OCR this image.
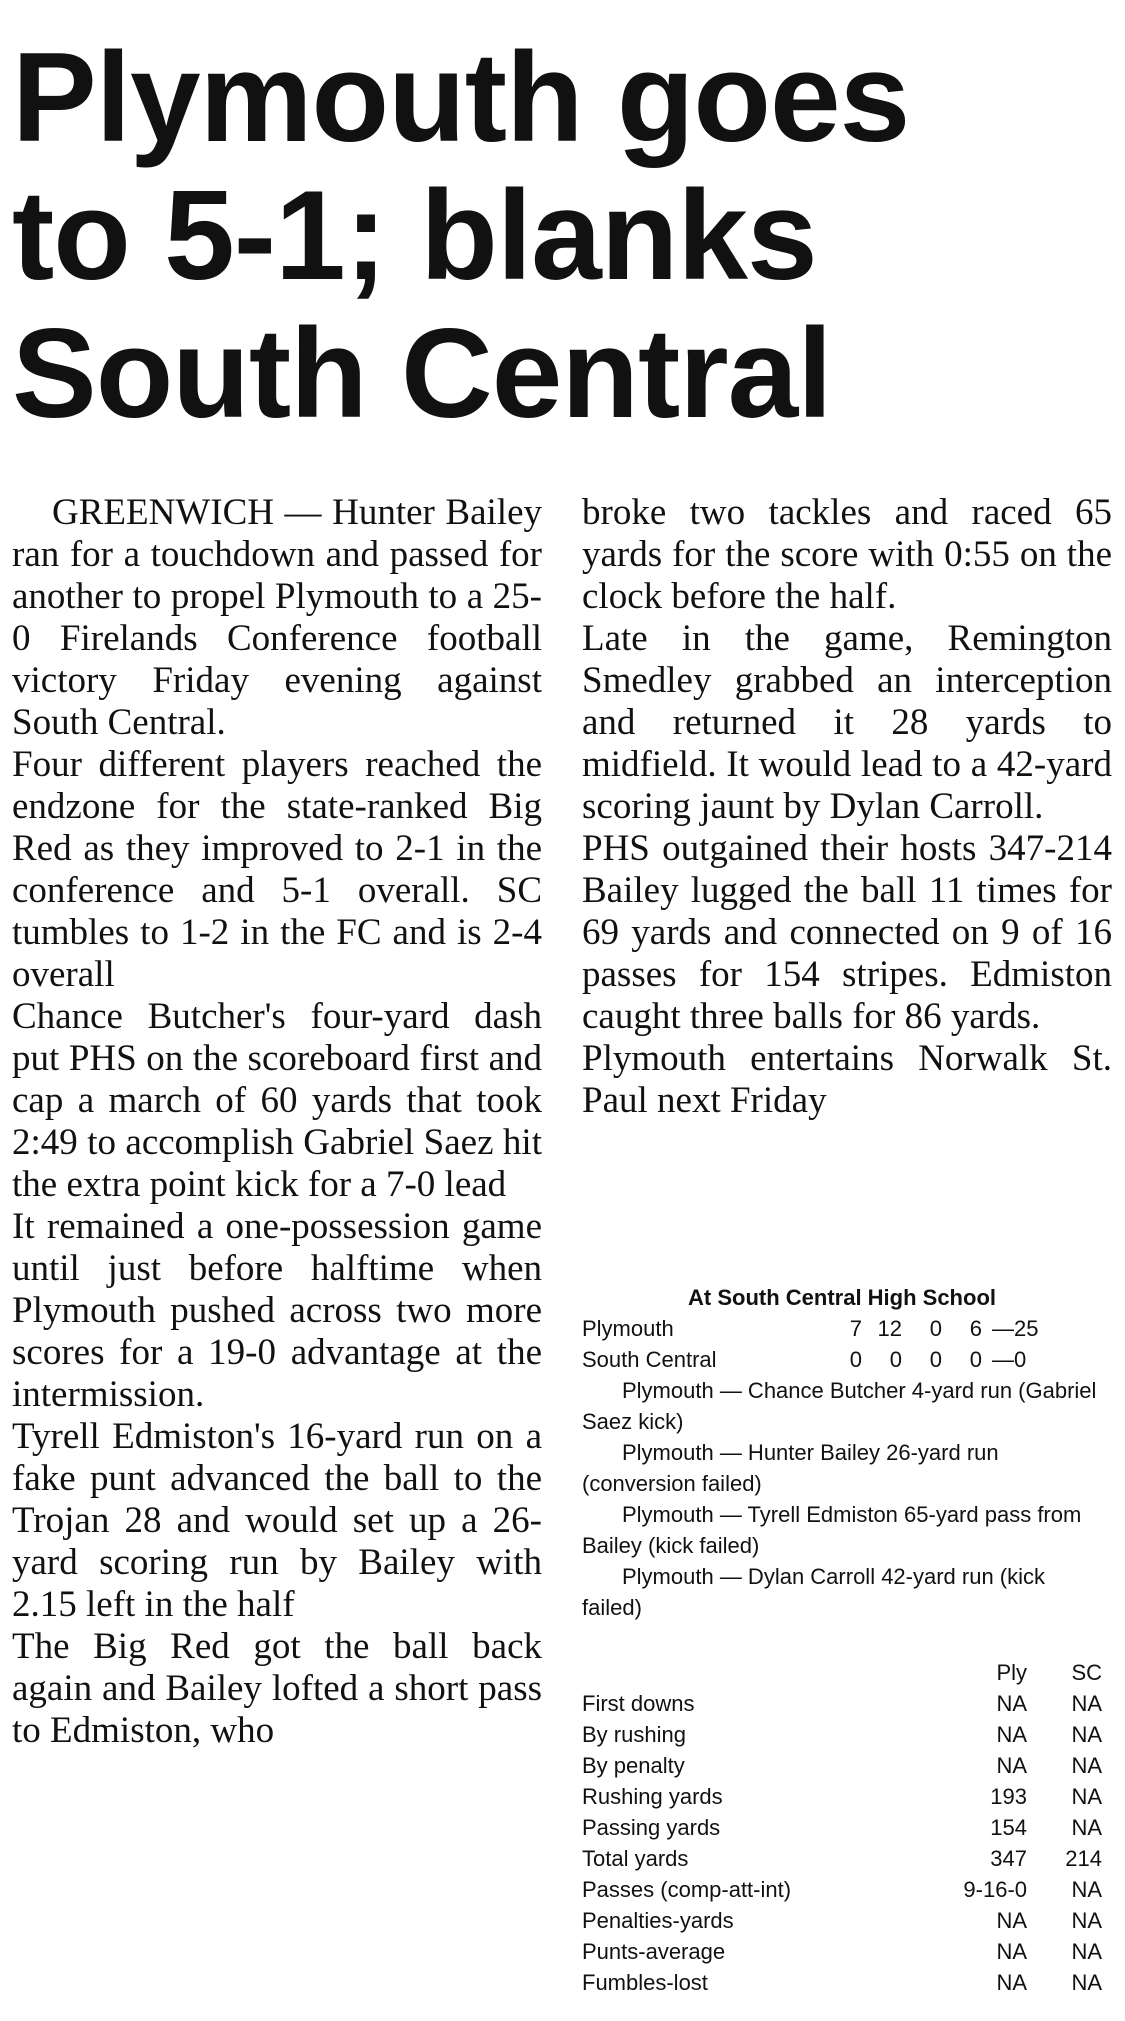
Plymouth goes
to 5-1; blanks
South Central

GREENWICH — Hunter Bailey ran for a touchdown and passed for another to propel Plymouth to a 25-0 Firelands Conference football victory Friday evening against South Central.

Four different players reached the endzone for the state-ranked Big Red as they improved to 2-1 in the conference and 5-1 overall. SC tumbles to 1-2 in the FC and is 2-4 overall

Chance Butcher's four-yard dash put PHS on the scoreboard first and cap a march of 60 yards that took 2:49 to accomplish Gabriel Saez hit the extra point kick for a 7-0 lead

It remained a one-possession game until just before halftime when Plymouth pushed across two more scores for a 19-0 advantage at the intermission.

Tyrell Edmiston's 16-yard run on a fake punt advanced the ball to the Trojan 28 and would set up a 26-yard scoring run by Bailey with 2.15 left in the half

The Big Red got the ball back again and Bailey lofted a short pass to Edmiston, who

broke two tackles and raced 65 yards for the score with 0:55 on the clock before the half.

Late in the game, Remington Smedley grabbed an interception and returned it 28 yards to midfield. It would lead to a 42-yard scoring jaunt by Dylan Carroll.

PHS outgained their hosts 347-214 Bailey lugged the ball 11 times for 69 yards and connected on 9 of 16 passes for 154 stripes. Edmiston caught three balls for 86 yards.

Plymouth entertains Norwalk St. Paul next Friday

At South Central High School
Plymouth	7 12	0	6 —25
South Central	0	0	0	0 —0

Plymouth — Chance Butcher 4-yard run (Gabriel Saez kick)

Plymouth — Hunter Bailey 26-yard run (conversion failed)

Plymouth — Tyrell Edmiston 65-yard pass from Bailey (kick failed)

Plymouth — Dylan Carroll 42-yard run (kick failed)

Ply	SC
First downs	NA	NA
By rushing	NA	NA
By penalty	NA	NA
Rushing yards	193	NA
Passing yards	154	NA
Total yards	347	214
Passes (comp-att-int)	9-16-0	NA
Penalties-yards	NA	NA
Punts-average	NA	NA
Fumbles-lost	NA	NA
